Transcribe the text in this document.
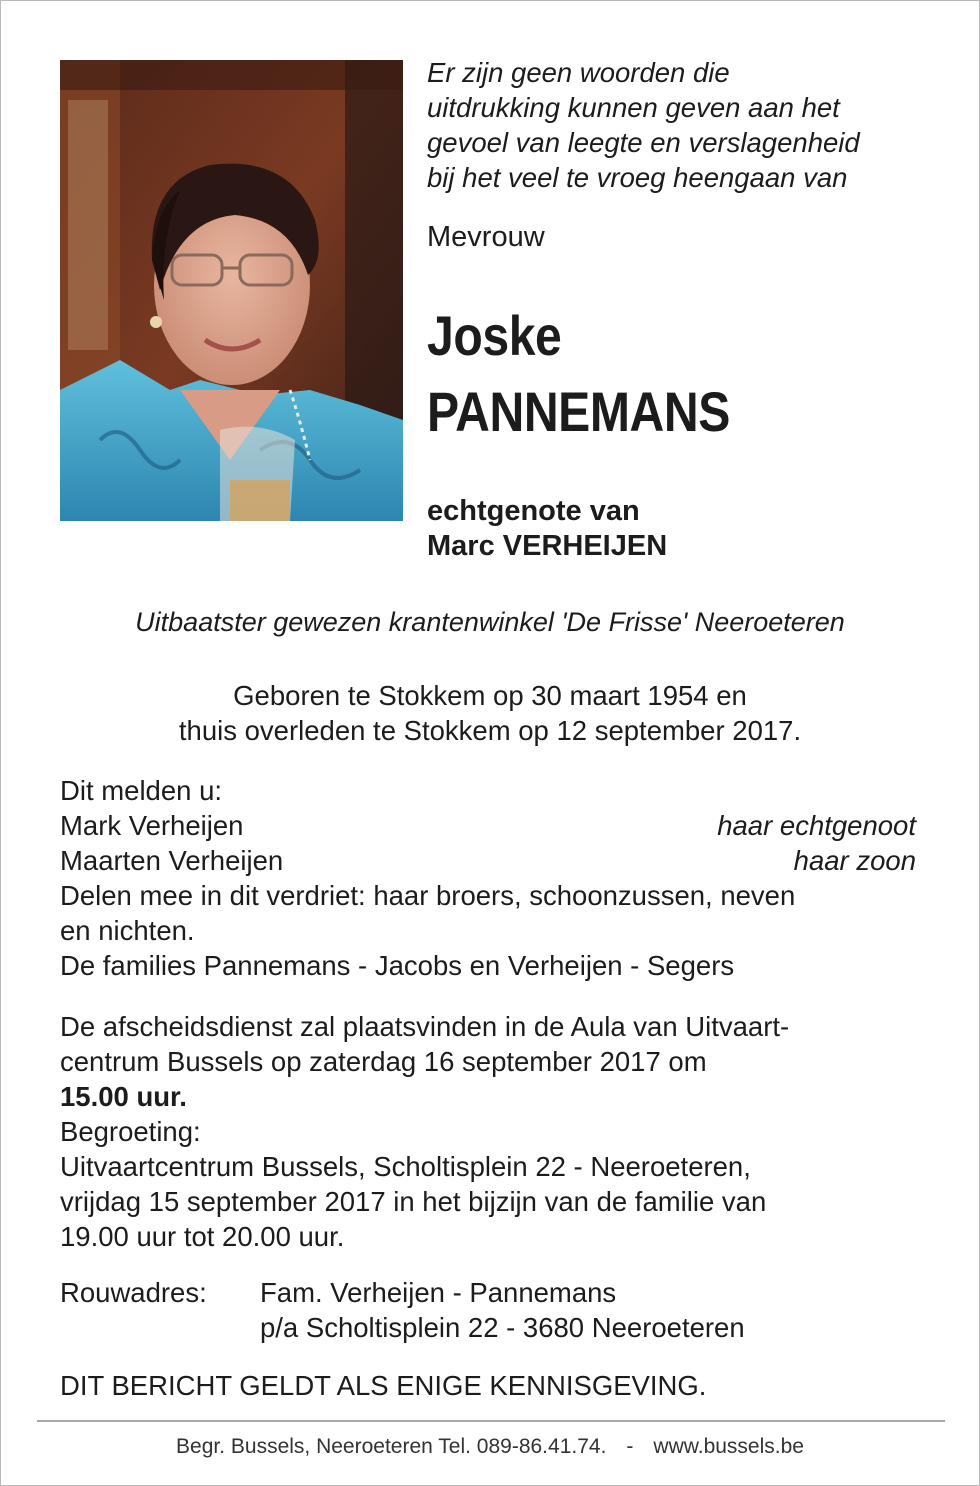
Er zijn geen woorden die
uitdrukking kunnen geven aan het
gevoel van leegte en verslagenheid
bij het veel te vroeg heengaan van
Mevrouw
Joske
PANNEMANS
echtgenote van
Marc VERHEIJEN
Uitbaatster gewezen krantenwinkel 'De Frisse' Neeroeteren
Geboren te Stokkem op 30 maart 1954 en
thuis overleden te Stokkem op 12 september 2017.
Dit melden u:
Mark Verheijen	haar echtgenoot
Maarten Verheijen	haar zoon
Delen mee in dit verdriet: haar broers, schoonzussen, neven
en nichten.
De families Pannemans - Jacobs en Verheijen - Segers
De afscheidsdienst zal plaatsvinden in de Aula van Uitvaart-
centrum Bussels op zaterdag 16 september 2017 om
15.00 uur.
Begroeting:
Uitvaartcentrum Bussels, Scholtisplein 22 - Neeroeteren,
vrijdag 15 september 2017 in het bijzijn van de familie van
19.00 uur tot 20.00 uur.
Rouwadres: Fam. Verheijen - Pannemans
p/a Scholtisplein 22 - 3680 Neeroeteren
DIT BERICHT GELDT ALS ENIGE KENNISGEVING.
Begr. Bussels, Neeroeteren Tel. 089-86.41.74. - www.bussels.be
